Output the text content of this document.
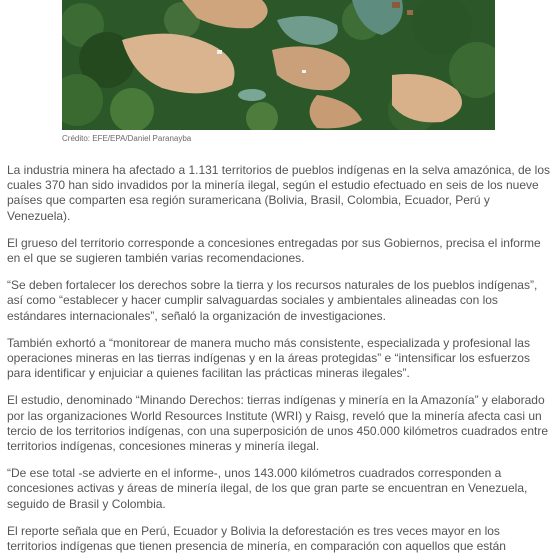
Crédito: EFE/EPA/Daniel Paranayba

La industria minera ha afectado a 1.131 territorios de pueblos indígenas en la selva amazónica, de los cuales 370 han sido invadidos por la minería ilegal, según el estudio efectuado en seis de los nueve países que comparten esa región suramericana (Bolivia, Brasil, Colombia, Ecuador, Perú y Venezuela).

El grueso del territorio corresponde a concesiones entregadas por sus Gobiernos, precisa el informe en el que se sugieren también varias recomendaciones.

“Se deben fortalecer los derechos sobre la tierra y los recursos naturales de los pueblos indígenas”, así como “establecer y hacer cumplir salvaguardas sociales y ambientales alineadas con los estándares internacionales”, señaló la organización de investigaciones.

También exhortó a “monitorear de manera mucho más consistente, especializada y profesional las operaciones mineras en las tierras indígenas y en la áreas protegidas” e “intensificar los esfuerzos para identificar y enjuiciar a quienes facilitan las prácticas mineras ilegales”.

El estudio, denominado “Minando Derechos: tierras indígenas y minería en la Amazonía” y elaborado por las organizaciones World Resources Institute (WRI) y Raisg, reveló que la minería afecta casi un tercio de los territorios indígenas, con una superposición de unos 450.000 kilómetros cuadrados entre territorios indígenas, concesiones mineras y minería ilegal.

“De ese total -se advierte en el informe-, unos 143.000 kilómetros cuadrados corresponden a concesiones activas y áreas de minería ilegal, de los que gran parte se encuentran en Venezuela, seguido de Brasil y Colombia.

El reporte señala que en Perú, Ecuador y Bolivia la deforestación es tres veces mayor en los territorios indígenas que tienen presencia de minería, en comparación con aquellos que están
